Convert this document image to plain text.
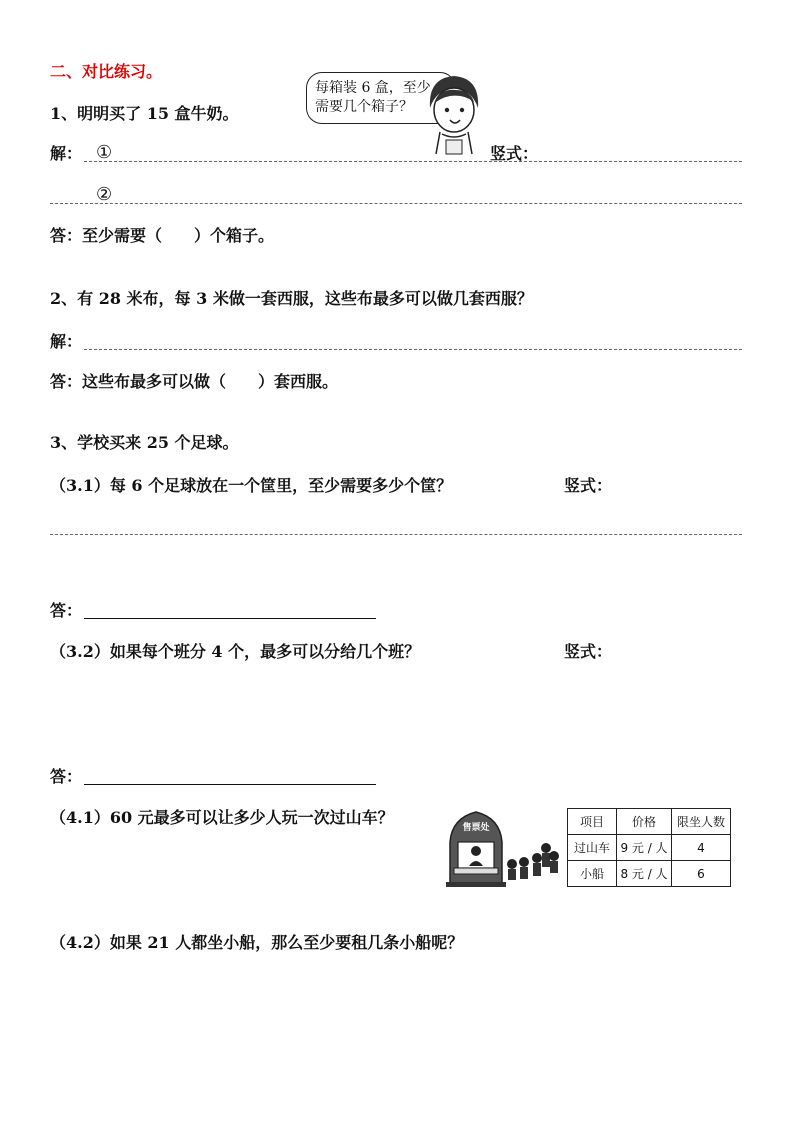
二、对比练习。
1、明明买了 15 盒牛奶。
每箱装 6 盒，至少
需要几个箱子？
解： ①	竖式：
②
答：至少需要（　　）个箱子。
2、有 28 米布，每 3 米做一套西服，这些布最多可以做几套西服？
解：
答：这些布最多可以做（　　）套西服。
3、学校买来 25 个足球。
（3.1）每 6 个足球放在一个筐里，至少需要多少个筐？	竖式：
答：
（3.2）如果每个班分 4 个，最多可以分给几个班？	竖式：
答：
（4.1）60 元最多可以让多少人玩一次过山车？
售票处	项目	价格	限坐人数
过山车	9 元 / 人	4
小船	8 元 / 人	6
（4.2）如果 21 人都坐小船，那么至少要租几条小船呢？
